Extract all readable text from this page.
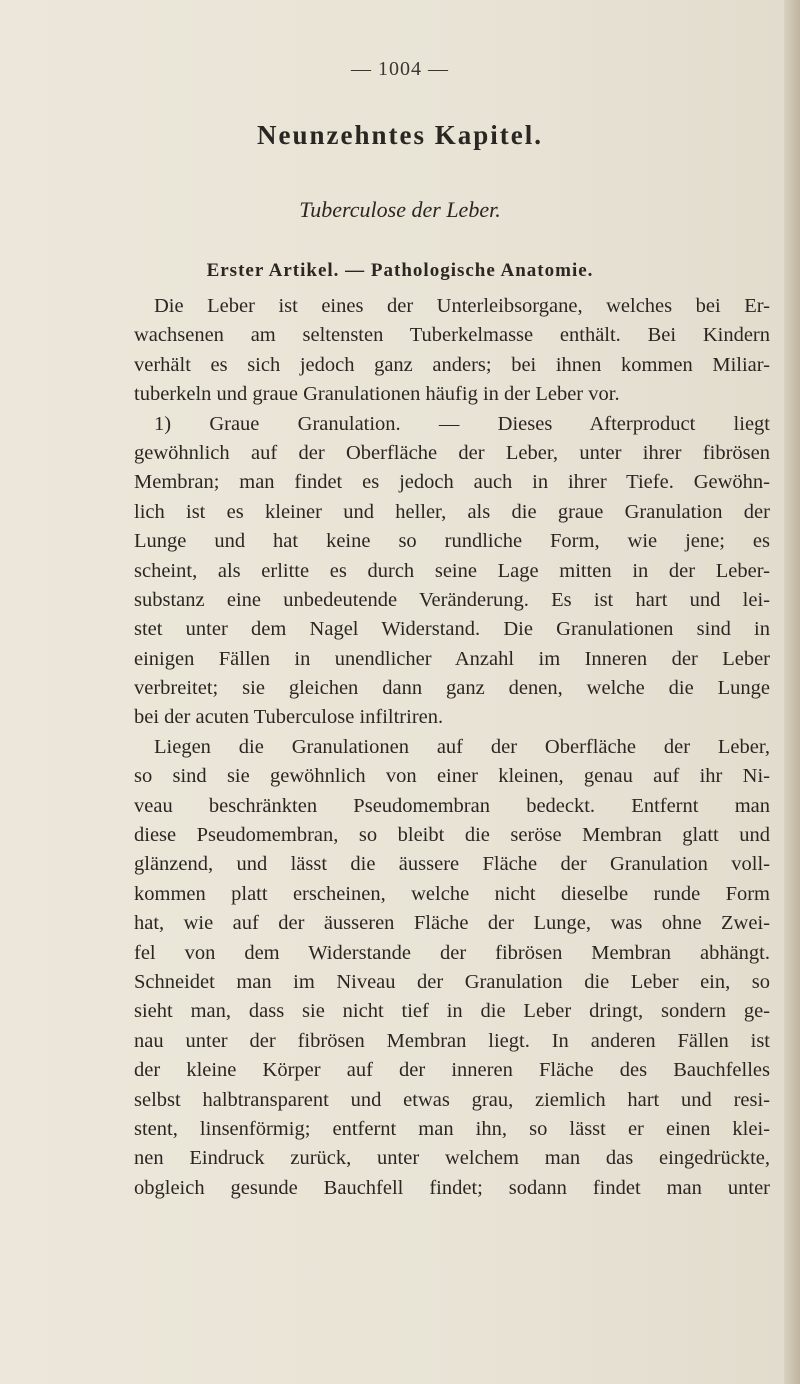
— 1004 —
Neunzehntes Kapitel.
Tuberculose der Leber.
Erster Artikel. — Pathologische Anatomie.
Die Leber ist eines der Unterleibsorgane, welches bei Er-
wachsenen am seltensten Tuberkelmasse enthält. Bei Kindern
verhält es sich jedoch ganz anders; bei ihnen kommen Miliar-
tuberkeln und graue Granulationen häufig in der Leber vor.
1) Graue Granulation. — Dieses Afterproduct liegt
gewöhnlich auf der Oberfläche der Leber, unter ihrer fibrösen
Membran; man findet es jedoch auch in ihrer Tiefe. Gewöhn-
lich ist es kleiner und heller, als die graue Granulation der
Lunge und hat keine so rundliche Form, wie jene; es
scheint, als erlitte es durch seine Lage mitten in der Leber-
substanz eine unbedeutende Veränderung. Es ist hart und lei-
stet unter dem Nagel Widerstand. Die Granulationen sind in
einigen Fällen in unendlicher Anzahl im Inneren der Leber
verbreitet; sie gleichen dann ganz denen, welche die Lunge
bei der acuten Tuberculose infiltriren.
Liegen die Granulationen auf der Oberfläche der Leber,
so sind sie gewöhnlich von einer kleinen, genau auf ihr Ni-
veau beschränkten Pseudomembran bedeckt. Entfernt man
diese Pseudomembran, so bleibt die seröse Membran glatt und
glänzend, und lässt die äussere Fläche der Granulation voll-
kommen platt erscheinen, welche nicht dieselbe runde Form
hat, wie auf der äusseren Fläche der Lunge, was ohne Zwei-
fel von dem Widerstande der fibrösen Membran abhängt.
Schneidet man im Niveau der Granulation die Leber ein, so
sieht man, dass sie nicht tief in die Leber dringt, sondern ge-
nau unter der fibrösen Membran liegt. In anderen Fällen ist
der kleine Körper auf der inneren Fläche des Bauchfelles
selbst halbtransparent und etwas grau, ziemlich hart und resi-
stent, linsenförmig; entfernt man ihn, so lässt er einen klei-
nen Eindruck zurück, unter welchem man das eingedrückte,
obgleich gesunde Bauchfell findet; sodann findet man unter
